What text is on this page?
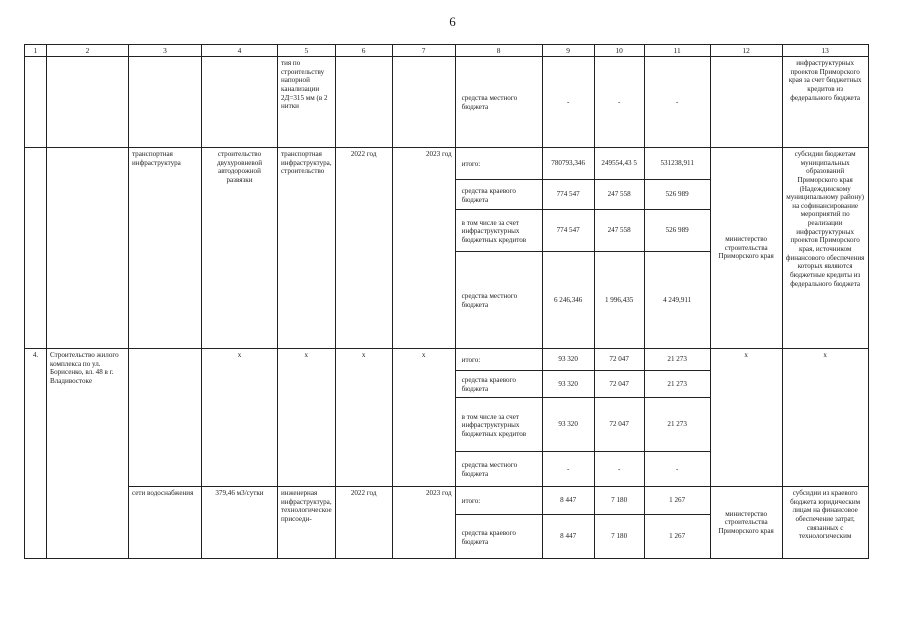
6
1	2	3	4	5	6	7	8	9	10	11	12	13
				тия по строительству напорной канализации 2Д=315 мм (в 2 нитки			средства местного бюджета	-	-	-		инфраструктурных проектов Приморского края за счет бюджетных кредитов из федерального бюджета
		транспортная инфраструктура	строительство двухуровневой автодорожной развязки	транспортная инфраструктура, строительство	2022 год	2023 год	итого:	780793,346	249554,43 5	531238,911	министерство строительства Приморского края	субсидии бюджетам муниципальных образований Приморского края (Надеждинскому муниципальному району) на софинансирование мероприятий по реализации инфраструктурных проектов Приморского края, источником финансового обеспечения которых являются бюджетные кредиты из федерального бюджета
							средства краевого бюджета	774 547	247 558	526 989		
							в том числе за счет инфраструктурных бюджетных кредитов	774 547	247 558	526 989		
							средства местного бюджета	6 246,346	1 996,435	4 249,911		
4.	Строительство жилого комплекса по ул. Борисенко, вл. 48 в г. Владивостоке		х	х	х	х	итого:	93 320	72 047	21 273	х	х
							средства краевого бюджета	93 320	72 047	21 273		
							в том числе за счет инфраструктурных бюджетных кредитов	93 320	72 047	21 273		
							средства местного бюджета	-	-	-		
		сети водоснабжения	379,46 м3/сутки	инженерная инфраструктура, технологическое присоеди-	2022 год	2023 год	итого:	8 447	7 180	1 267	министерство строительства Приморского края	субсидии из краевого бюджета юридическим лицам на финансовое обеспечение затрат, связанных с технологическим
							средства краевого бюджета	8 447	7 180	1 267		
